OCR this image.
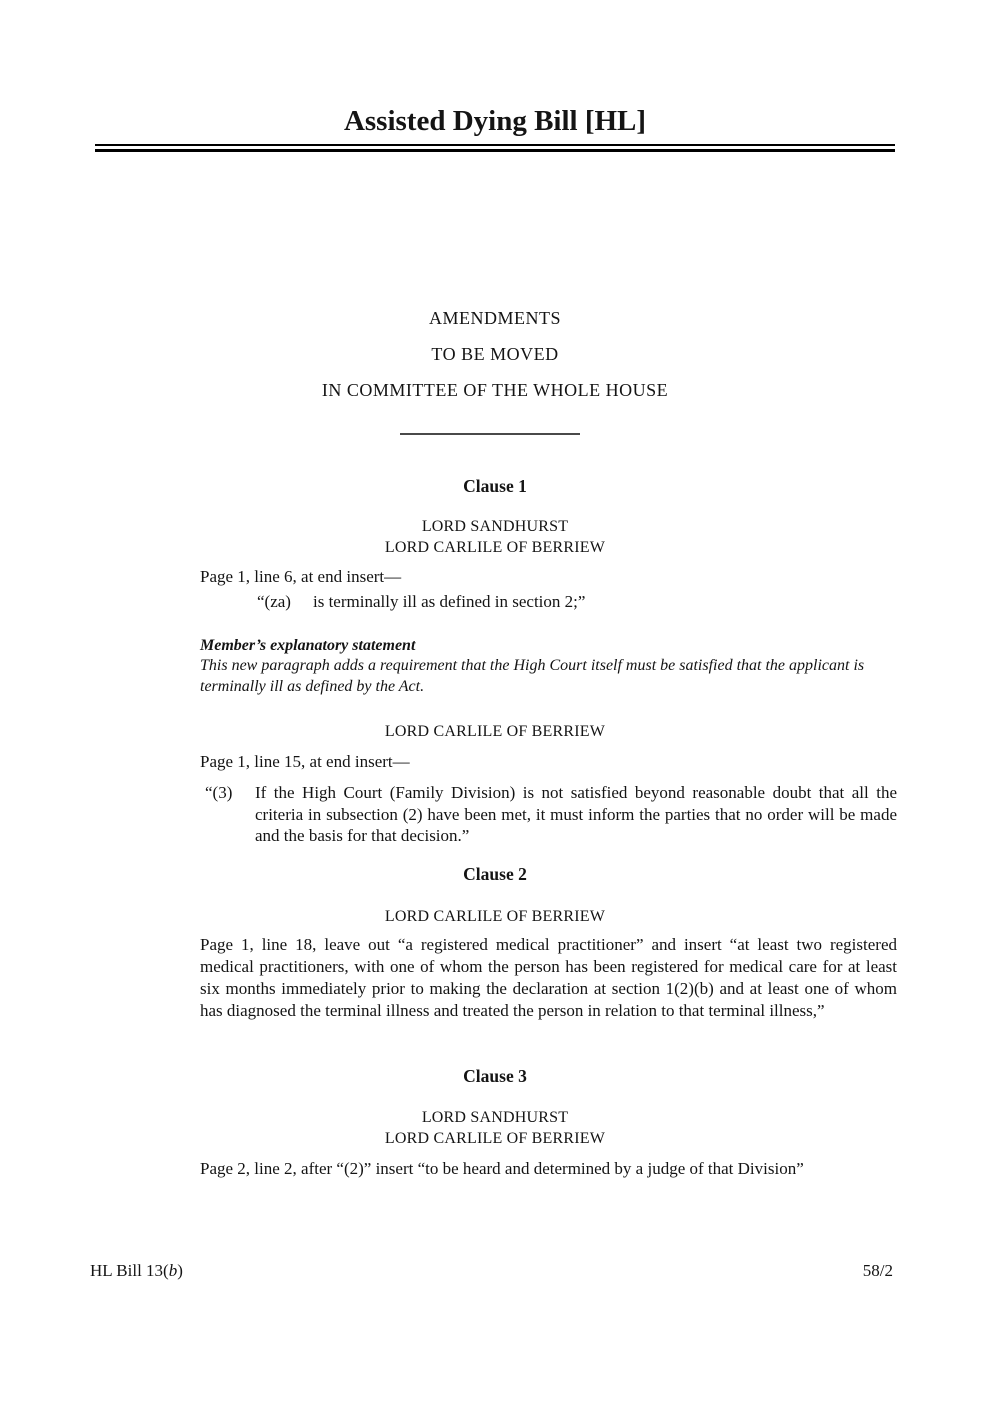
Assisted Dying Bill [HL]
AMENDMENTS
TO BE MOVED
IN COMMITTEE OF THE WHOLE HOUSE
Clause 1
LORD SANDHURST
LORD CARLILE OF BERRIEW

Page 1, line 6, at end insert—

“(za)	is terminally ill as defined in section 2;”

Member’s explanatory statement

This new paragraph adds a requirement that the High Court itself must be satisfied that the applicant is terminally ill as defined by the Act.

LORD CARLILE OF BERRIEW

Page 1, line 15, at end insert—

“(3)	If the High Court (Family Division) is not satisfied beyond reasonable doubt that all the criteria in subsection (2) have been met, it must inform the parties that no order will be made and the basis for that decision.”
Clause 2
LORD CARLILE OF BERRIEW

Page 1, line 18, leave out “a registered medical practitioner” and insert “at least two registered medical practitioners, with one of whom the person has been registered for medical care for at least six months immediately prior to making the declaration at section 1(2)(b) and at least one of whom has diagnosed the terminal illness and treated the person in relation to that terminal illness,”

Clause 3
LORD SANDHURST
LORD CARLILE OF BERRIEW

Page 2, line 2, after “(2)” insert “to be heard and determined by a judge of that Division”

HL Bill 13(b)	58/2
